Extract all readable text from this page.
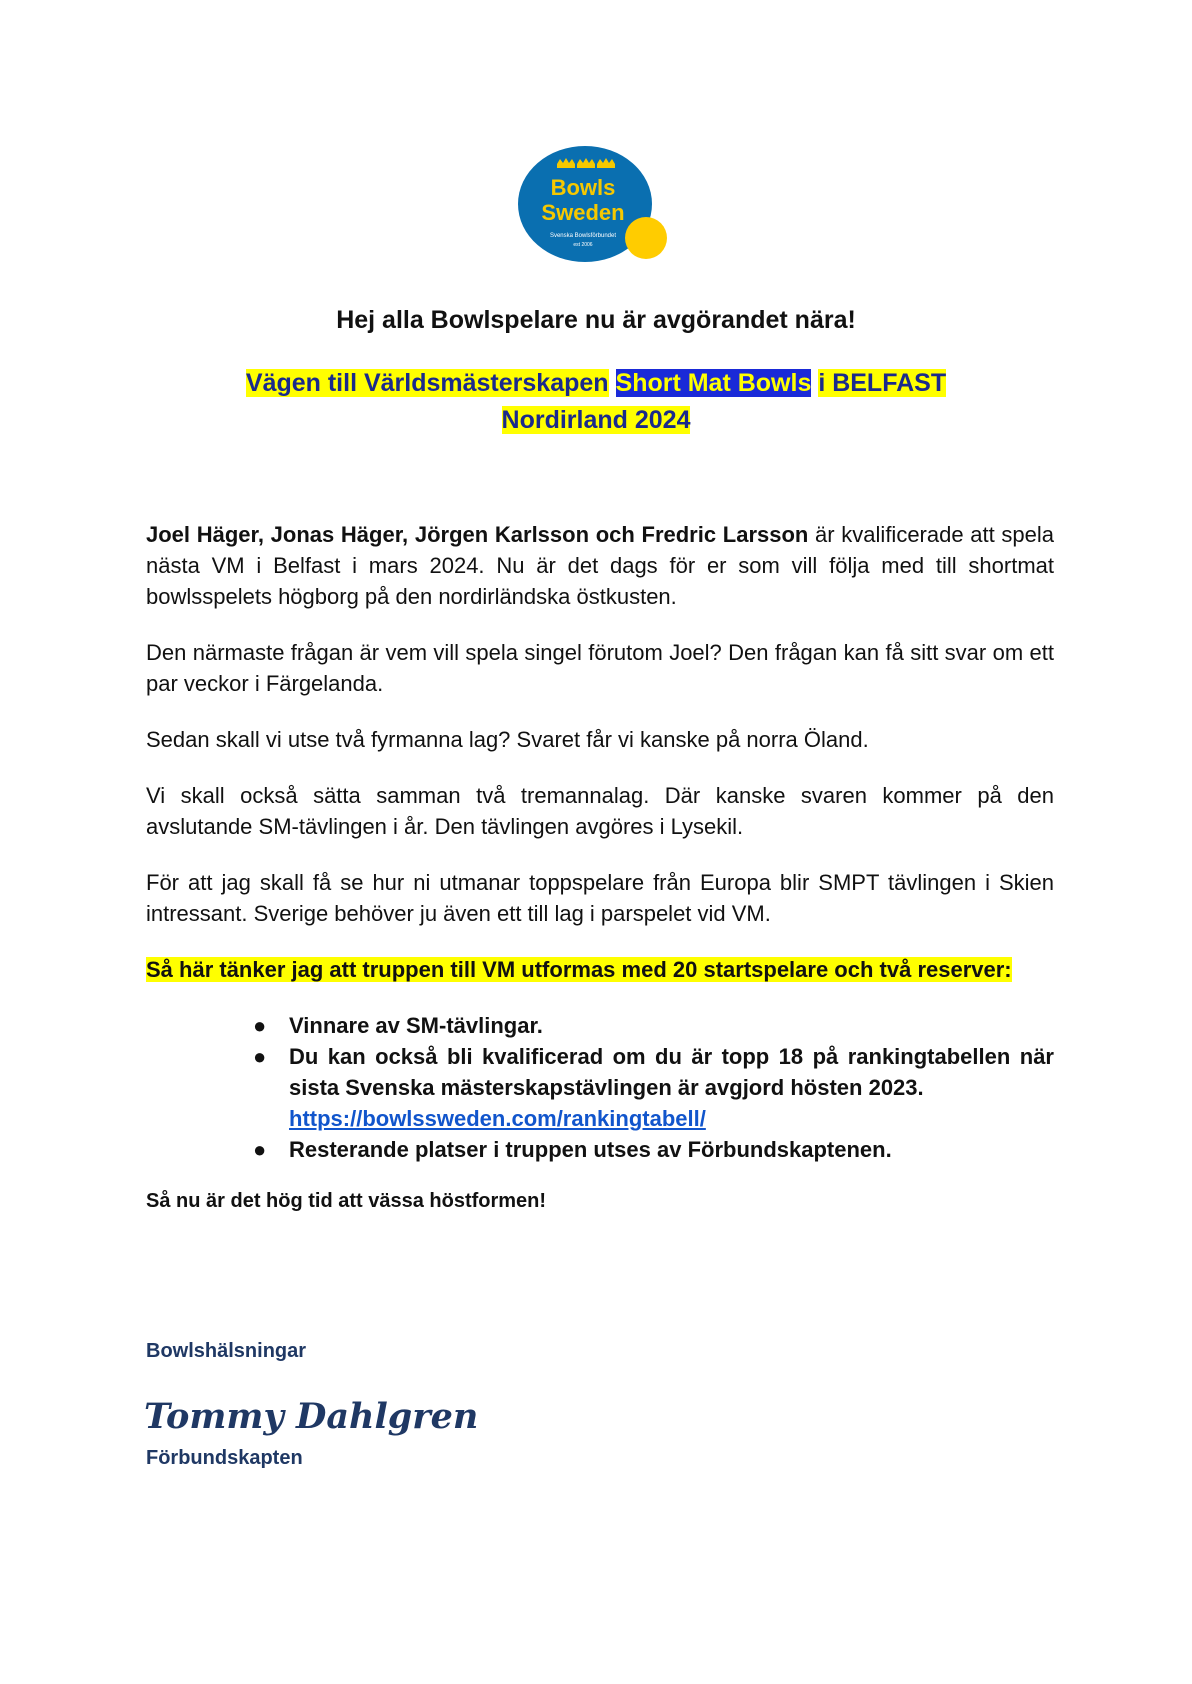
Bowls
Sweden
Svenska Bowlsförbundet
est 2006
Hej alla Bowlspelare nu är avgörandet nära!
Vägen till Världsmästerskapen Short Mat Bowls i BELFAST
Nordirland 2024

Joel Häger, Jonas Häger, Jörgen Karlsson och Fredric Larsson är kvalificerade att spela nästa VM i Belfast i mars 2024. Nu är det dags för er som vill följa med till shortmat bowlsspelets högborg på den nordirländska östkusten.

Den närmaste frågan är vem vill spela singel förutom Joel? Den frågan kan få sitt svar om ett par veckor i Färgelanda.

Sedan skall vi utse två fyrmanna lag? Svaret får vi kanske på norra Öland.

Vi skall också sätta samman två tremannalag. Där kanske svaren kommer på den avslutande SM-tävlingen i år. Den tävlingen avgöres i Lysekil.

För att jag skall få se hur ni utmanar toppspelare från Europa blir SMPT tävlingen i Skien intressant. Sverige behöver ju även ett till lag i parspelet vid VM.

Så här tänker jag att truppen till VM utformas med 20 startspelare och två reserver:

● Vinnare av SM-tävlingar.
● Du kan också bli kvalificerad om du är topp 18 på rankingtabellen när sista Svenska mästerskapstävlingen är avgjord hösten 2023.
https://bowlssweden.com/rankingtabell/
● Resterande platser i truppen utses av Förbundskaptenen.

Så nu är det hög tid att vässa höstformen!

Bowlshälsningar
Tommy Dahlgren
Förbundskapten
